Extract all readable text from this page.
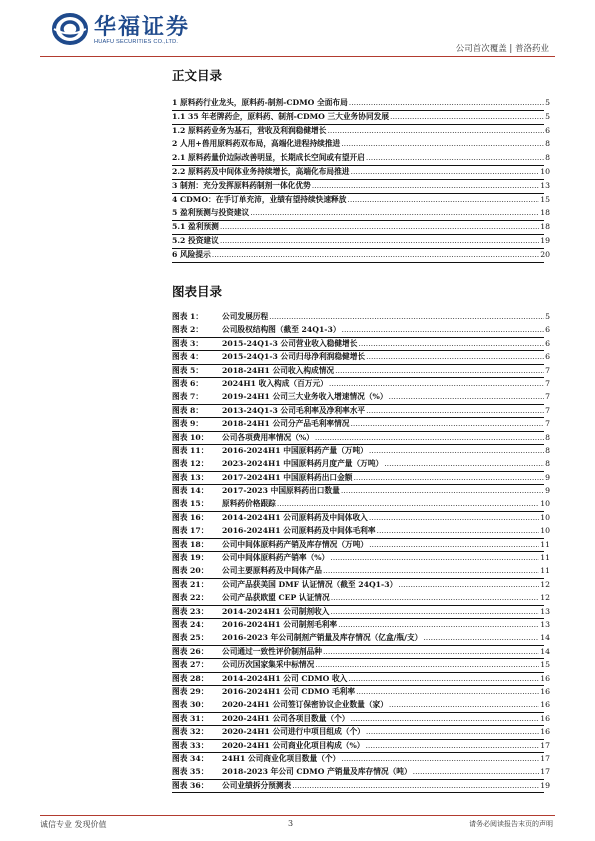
华福证券
HUAFU SECURITIES CO.,LTD.
公司首次覆盖 | 普洛药业
正文目录
1 原料药行业龙头，原料药-制剂-CDMO 全面布局 .....	5
1.1 35 年老牌药企，原料药、制剂-CDMO 三大业务协同发展 .....	5
1.2 原料药业务为基石，营收及利润稳健增长 .....	6
2 人用+兽用原料药双布局，高端化进程持续推进 .....	8
2.1 原料药量价边际改善明显，长期成长空间或有望开启 .....	8
2.2 原料药及中间体业务持续增长，高端化布局推进 .....	10
3 制剂：充分发挥原料药制剂一体化优势 .....	13
4 CDMO：在手订单充沛，业绩有望持续快速释放 .....	15
5 盈利预测与投资建议 .....	18
5.1 盈利预测 .....	18
5.2 投资建议 .....	19
6 风险提示 .....	20
图表目录
图表 1： 公司发展历程 .....	5
图表 2： 公司股权结构图（截至 24Q1-3） .....	6
图表 3： 2015-24Q1-3 公司营业收入稳健增长 .....	6
图表 4： 2015-24Q1-3 公司归母净利润稳健增长 .....	6
图表 5： 2018-24H1 公司收入构成情况 .....	7
图表 6： 2024H1 收入构成（百万元） .....	7
图表 7： 2019-24H1 公司三大业务收入增速情况（%） .....	7
图表 8： 2013-24Q1-3 公司毛利率及净利率水平 .....	7
图表 9： 2018-24H1 公司分产品毛利率情况 .....	7
图表 10： 公司各项费用率情况（%） .....	8
图表 11： 2016-2024H1 中国原料药产量（万吨） .....	8
图表 12： 2023-2024H1 中国原料药月度产量（万吨） .....	8
图表 13： 2017-2024H1 中国原料药出口金额 .....	9
图表 14： 2017-2023 中国原料药出口数量 .....	9
图表 15： 原料药价格跟踪 .....	10
图表 16： 2014-2024H1 公司原料药及中间体收入 .....	10
图表 17： 2016-2024H1 公司原料药及中间体毛利率 .....	10
图表 18： 公司中间体原料药产销及库存情况（万吨） .....	11
图表 19： 公司中间体原料药产销率（%） .....	11
图表 20： 公司主要原料药及中间体产品 .....	11
图表 21： 公司产品获美国 DMF 认证情况（截至 24Q1-3） .....	12
图表 22： 公司产品获欧盟 CEP 认证情况 .....	12
图表 23： 2014-2024H1 公司制剂收入 .....	13
图表 24： 2016-2024H1 公司制剂毛利率 .....	13
图表 25： 2016-2023 年公司制剂产销量及库存情况（亿盒/瓶/支） .....	14
图表 26： 公司通过一致性评价制剂品种 .....	14
图表 27： 公司历次国家集采中标情况 .....	15
图表 28： 2014-2024H1 公司 CDMO 收入 .....	16
图表 29： 2016-2024H1 公司 CDMO 毛利率 .....	16
图表 30： 2020-24H1 公司签订保密协议企业数量（家） .....	16
图表 31： 2020-24H1 公司各项目数量（个） .....	16
图表 32： 2020-24H1 公司进行中项目组成（个） .....	16
图表 33： 2020-24H1 公司商业化项目构成（%） .....	17
图表 34： 24H1 公司商业化项目数量（个） .....	17
图表 35： 2018-2023 年公司 CDMO 产销量及库存情况（吨） .....	17
图表 36： 公司业绩拆分预测表 .....	19
诚信专业 发现价值	3	请务必阅读报告末页的声明
